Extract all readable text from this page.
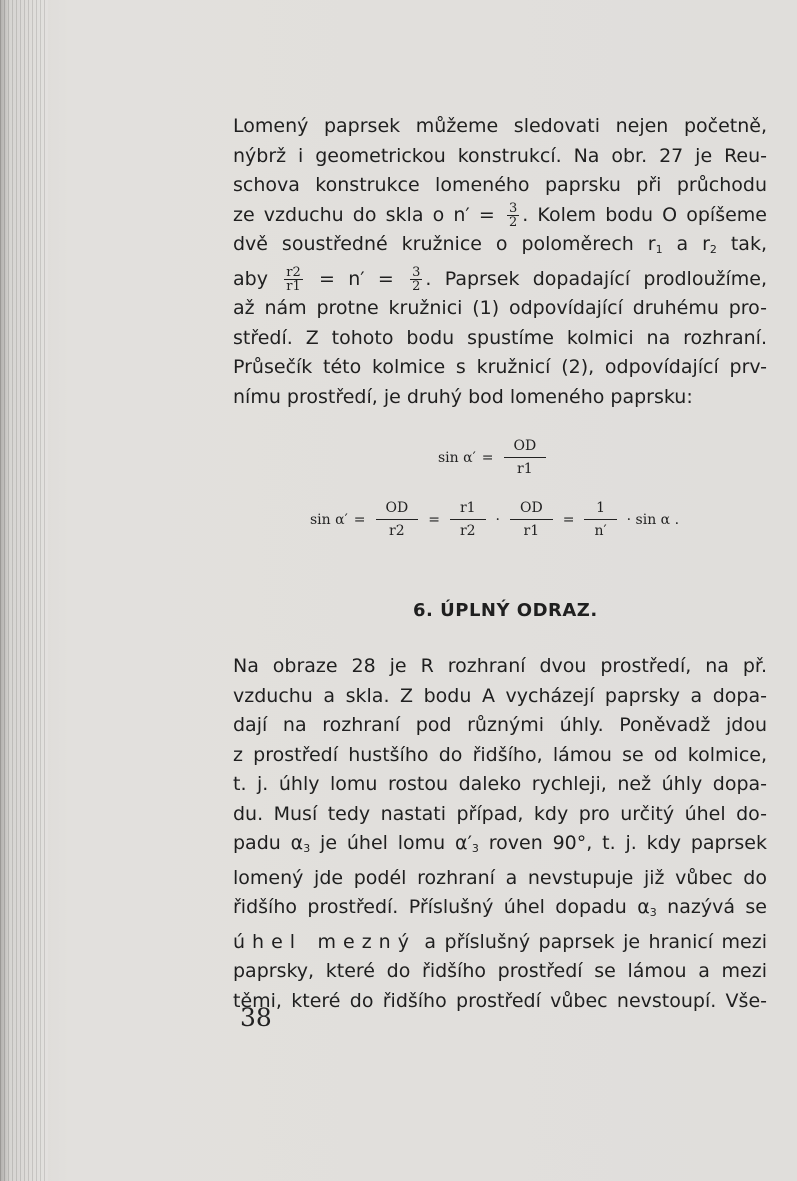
Lomený paprsek můžeme sledovati nejen početně,
nýbrž i geometrickou konstrukcí. Na obr. 27 je Reu-
schova konstrukce lomeného paprsku při průchodu
ze vzduchu do skla o $n' = \frac{3}{2}$ . Kolem bodu O opíšeme
dvě soustředné kružnice o poloměrech $r_1$ a $r_2$ tak,
aby $\frac{r2}{r1} = n' = \frac{3}{2}$ . Paprsek dopadající prodloužíme,
až nám protne kružnici (1) odpovídající druhému pro-
středí. Z tohoto bodu spustíme kolmici na rozhraní.
Průsečík této kolmice s kružnicí (2), odpovídající prv-
nímu prostředí, je druhý bod lomeného paprsku:
$\sin \alpha' = \frac{OD}{r1}$
$\sin \alpha' = \frac{OD}{r2} = \frac{r1}{r2} \cdot \frac{OD}{r1} = \frac{1}{n'} \cdot \sin \alpha$ .
6. ÚPLNÝ ODRAZ.
Na obraze 28 je R rozhraní dvou prostředí, na př.
vzduchu a skla. Z bodu A vycházejí paprsky a dopa-
dají na rozhraní pod různými úhly. Poněvadž jdou
z prostředí hustšího do řidšího, lámou se od kolmice,
t. j. úhly lomu rostou daleko rychleji, než úhly dopa-
du. Musí tedy nastati případ, kdy pro určitý úhel do-
padu $\alpha_3$ je úhel lomu $\alpha'_3$ roven 90°, t. j. kdy paprsek
lomený jde podél rozhraní a nevstupuje již vůbec do
řidšího prostředí. Příslušný úhel dopadu $\alpha_3$ nazývá se
úhel mezný a příslušný paprsek je hranicí mezi
paprsky, které do řidšího prostředí se lámou a mezi
těmi, které do řidšího prostředí vůbec nevstoupí. Vše-
38
